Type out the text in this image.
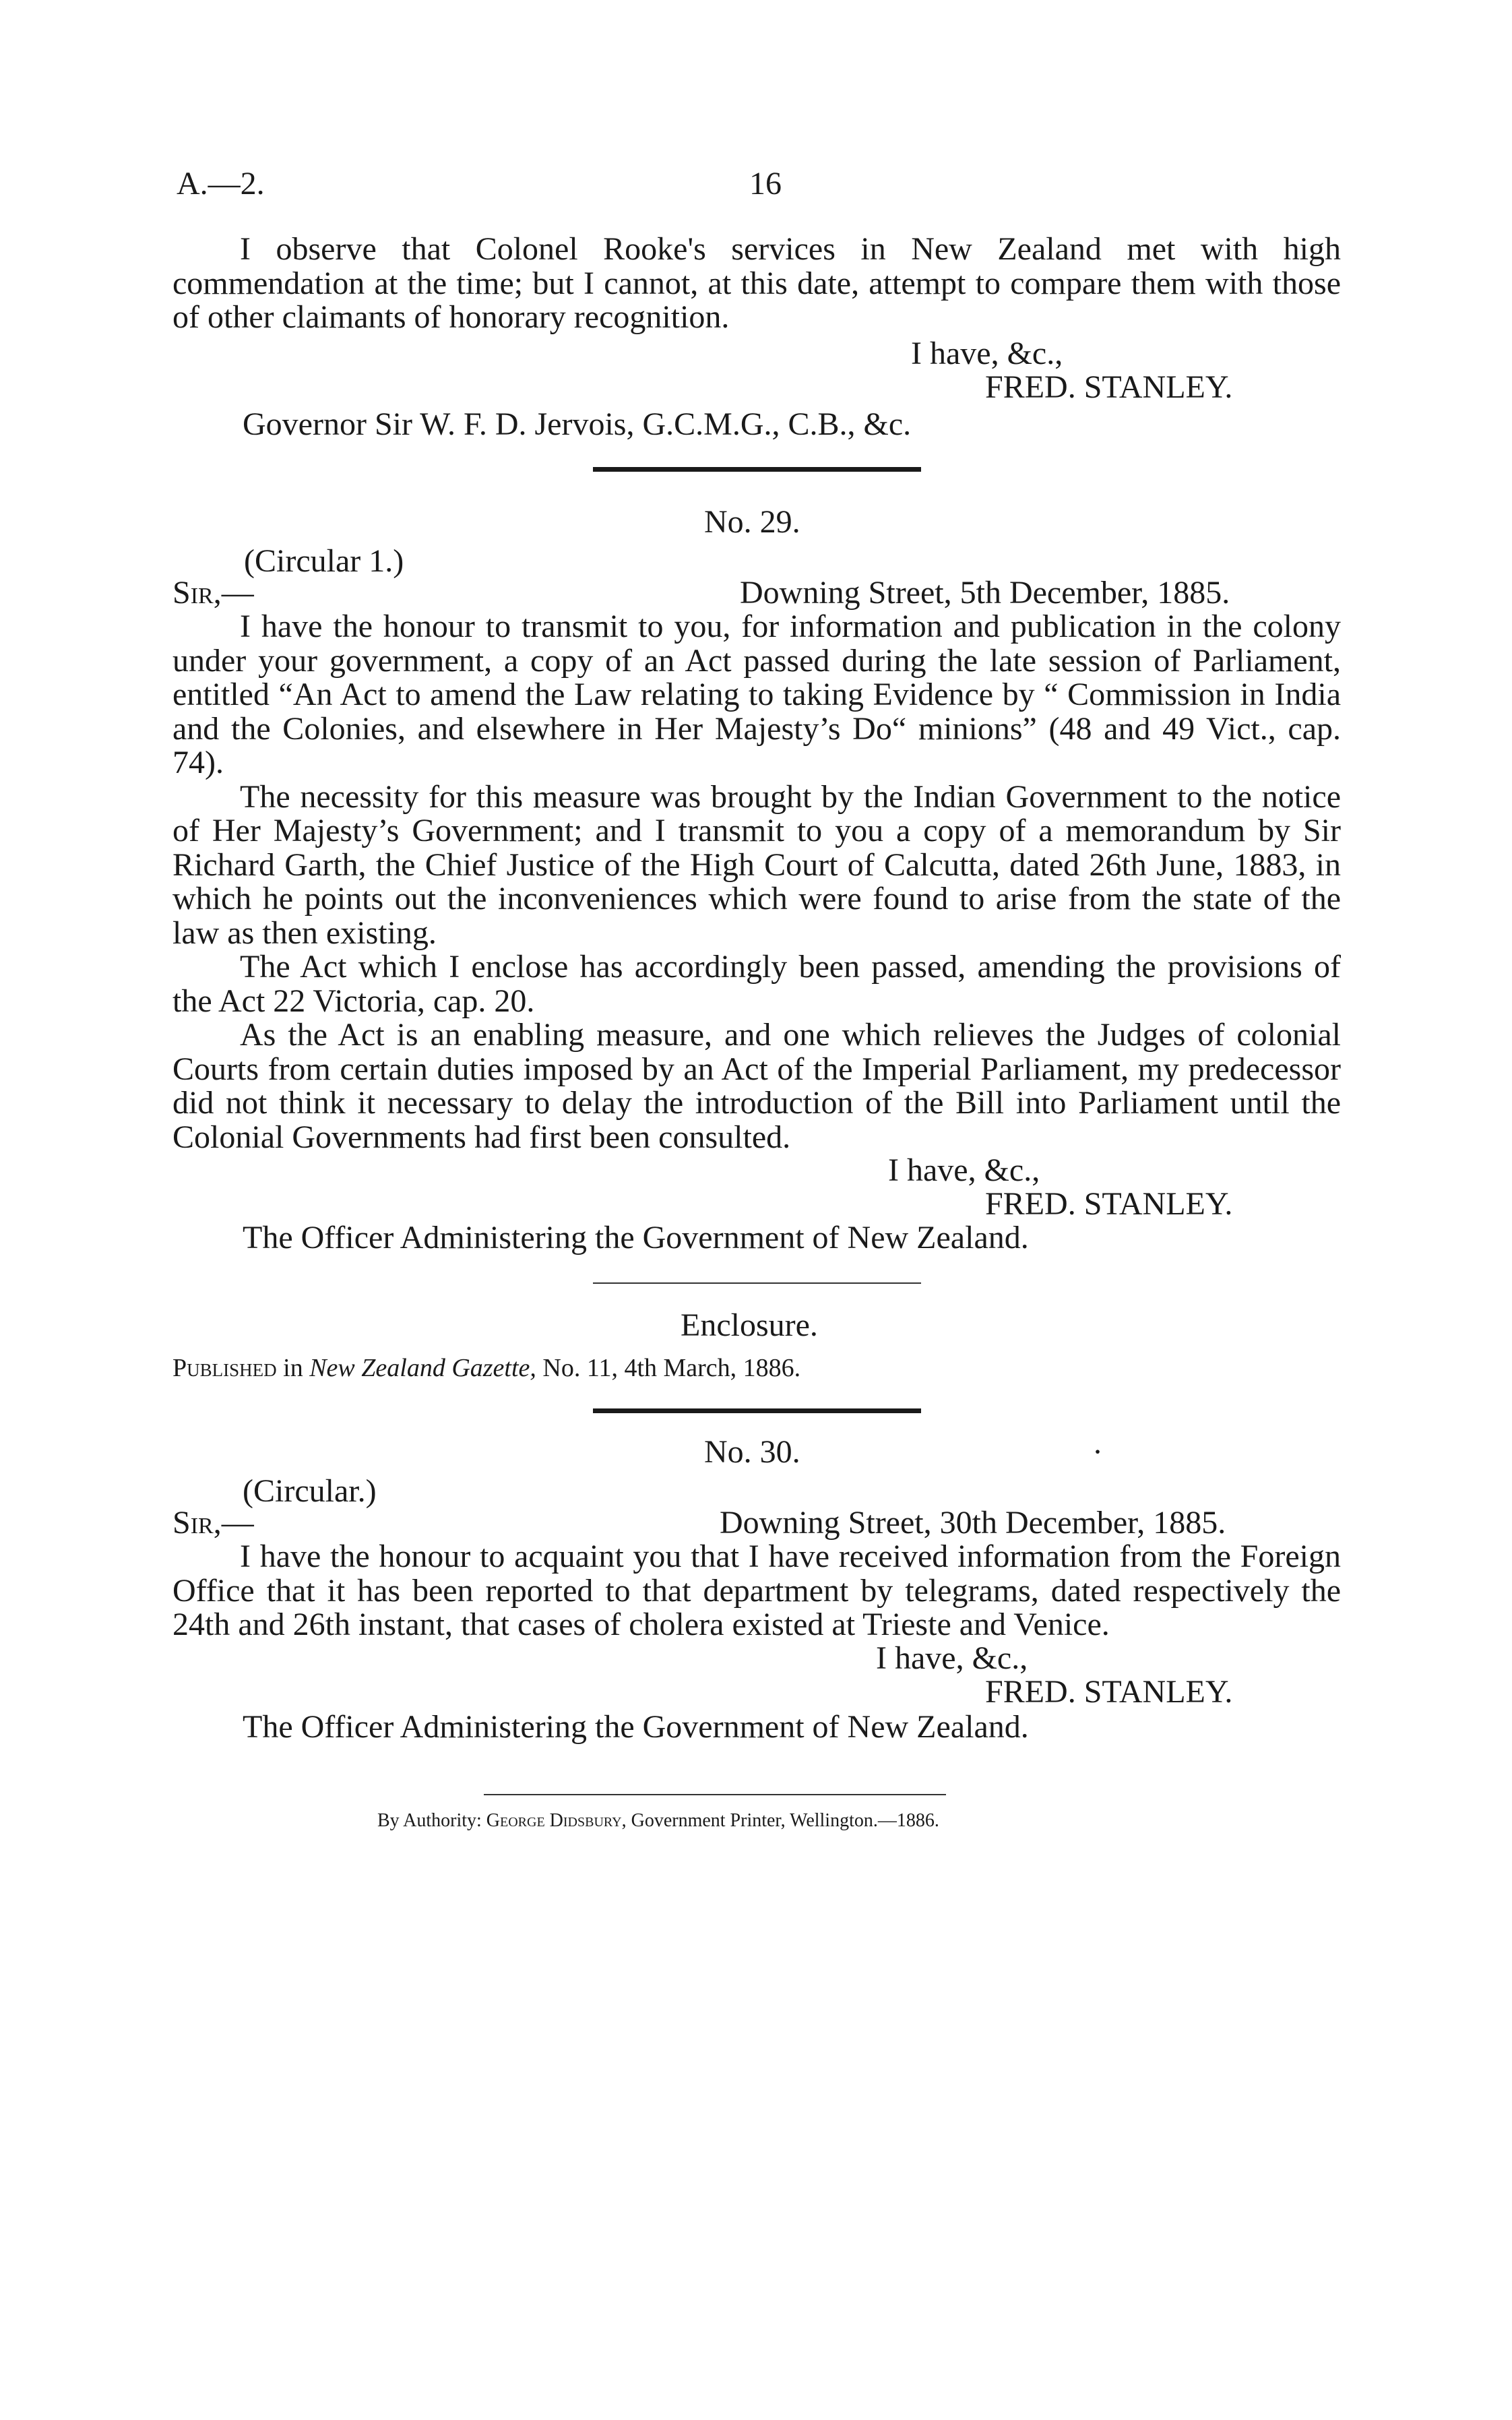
A.—2.	16

I observe that Colonel Rooke's services in New Zealand met with high commendation at the time; but I cannot, at this date, attempt to compare them with those of other claimants of honorary recognition.

I have, &c.,
FRED. STANLEY.
Governor Sir W. F. D. Jervois, G.C.M.G., C.B., &c.
No. 29.
(Circular 1.)
Sir,—	Downing Street, 5th December, 1885.

I have the honour to transmit to you, for information and publication in the colony under your government, a copy of an Act passed during the late session of Parliament, entitled “An Act to amend the Law relating to taking Evidence by “ Commission in India and the Colonies, and elsewhere in Her Majesty’s Do“ minions” (48 and 49 Vict., cap. 74).

The necessity for this measure was brought by the Indian Government to the notice of Her Majesty’s Government; and I transmit to you a copy of a memorandum by Sir Richard Garth, the Chief Justice of the High Court of Calcutta, dated 26th June, 1883, in which he points out the inconveniences which were found to arise from the state of the law as then existing.

The Act which I enclose has accordingly been passed, amending the provisions of the Act 22 Victoria, cap. 20.

As the Act is an enabling measure, and one which relieves the Judges of colonial Courts from certain duties imposed by an Act of the Imperial Parliament, my predecessor did not think it necessary to delay the introduction of the Bill into Parliament until the Colonial Governments had first been consulted.

I have, &c.,
FRED. STANLEY.
The Officer Administering the Government of New Zealand.
Enclosure.
Published in New Zealand Gazette, No. 11, 4th March, 1886.
No. 30.	·
(Circular.)
Sir,—	Downing Street, 30th December, 1885.

I have the honour to acquaint you that I have received information from the Foreign Office that it has been reported to that department by telegrams, dated respectively the 24th and 26th instant, that cases of cholera existed at Trieste and Venice.

I have, &c.,
FRED. STANLEY.
The Officer Administering the Government of New Zealand.
By Authority: George Didsbury, Government Printer, Wellington.—1886.
